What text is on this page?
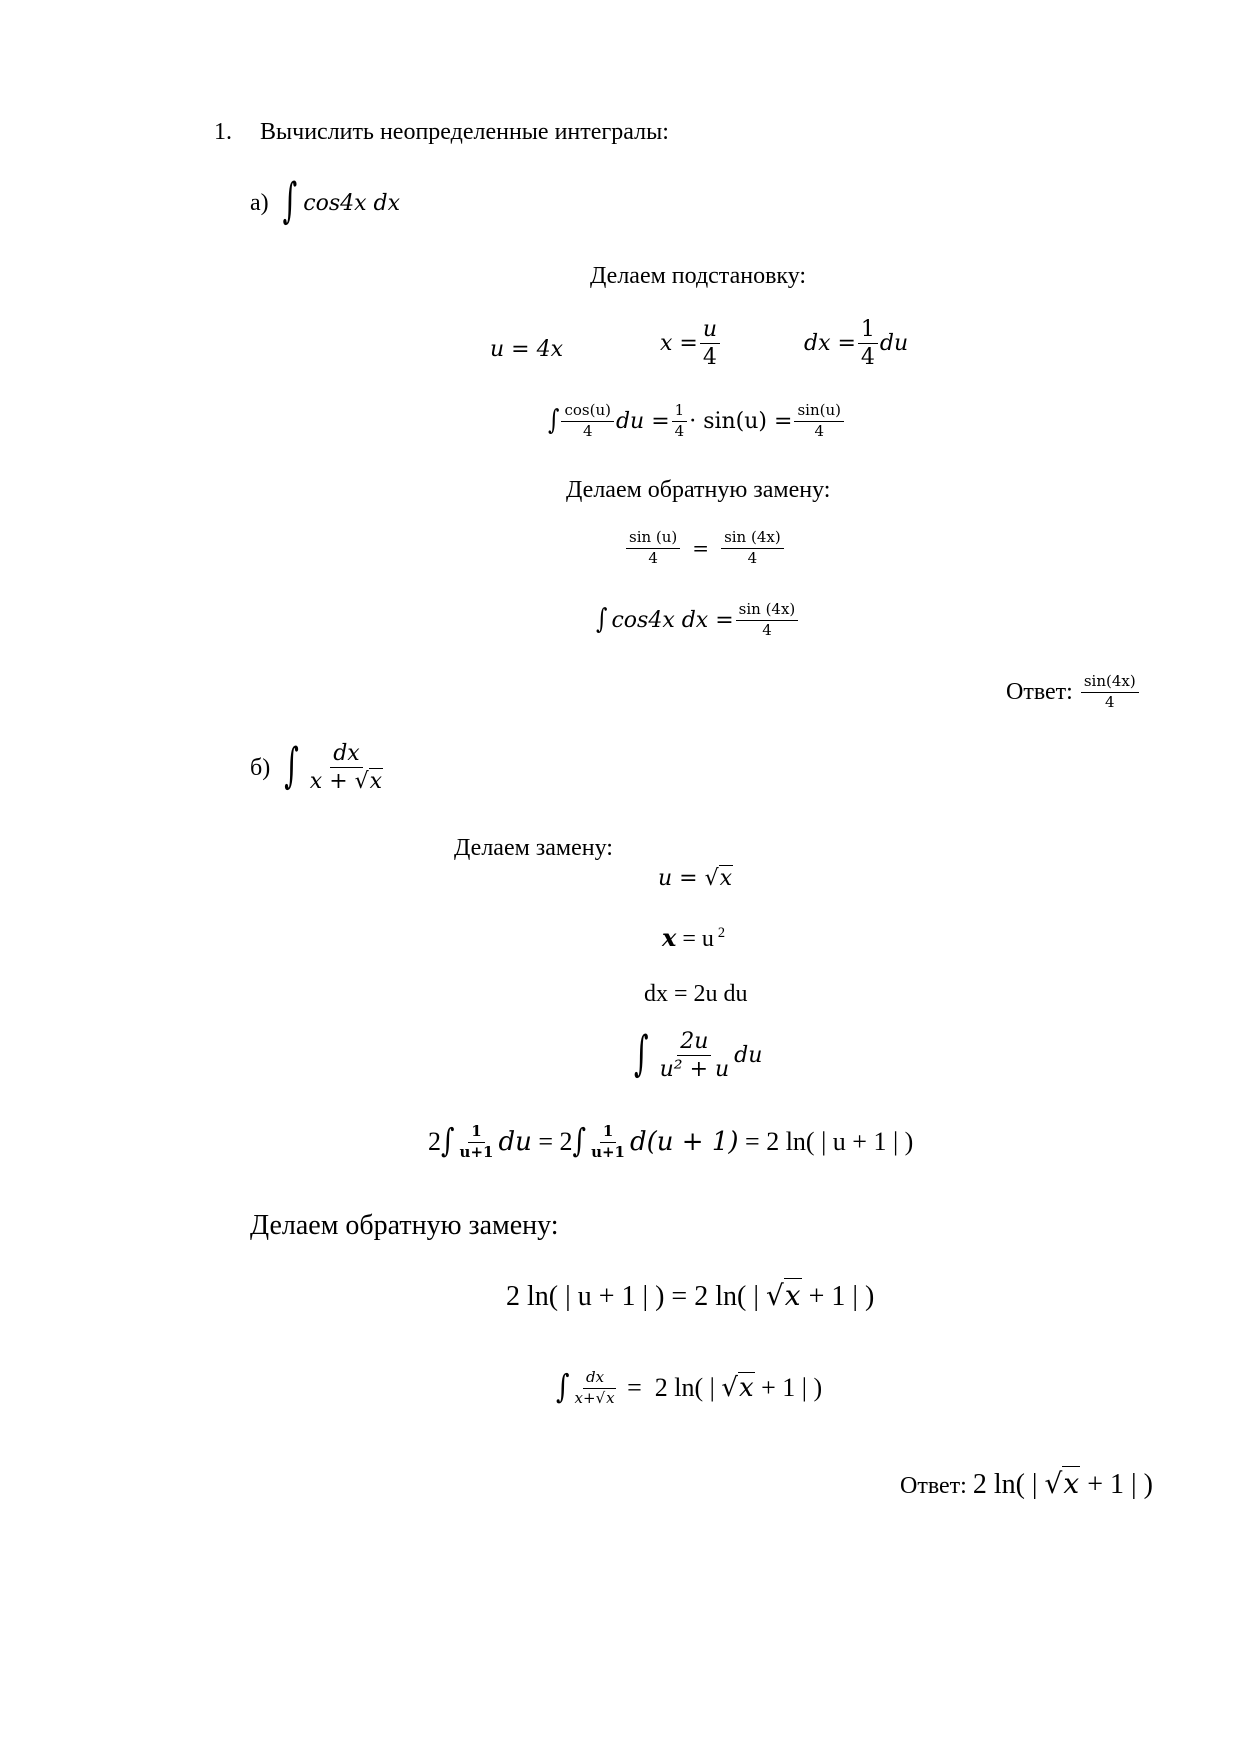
1. Вычислить неопределенные интегралы:
а) ∫ cos4x dx
Делаем подстановку:
u = 4x	$x = \frac{u}{4}$	dx = $\frac{1}{4}$ du
∫ $\frac{\cos(u)}{4}$ du = $\frac{1}{4} \cdot \sin(u) = \frac{\sin(u)}{4}$
Делаем обратную замену:
$\frac{\sin (u)}{4} = \frac{\sin (4x)}{4}$
∫ cos4x dx = $\frac{\sin (4x)}{4}$
Ответ: $\frac{\sin(4x)}{4}$
б) ∫ $\frac{dx}{x + √x}$
Делаем замену:
u = √x
x = u $^2$
dx = 2u du
∫ $\frac{2u}{\text{u² + u}}$ du
2 ∫ $\frac{1}{u+1}$ du = 2 ∫ $\frac{1}{u+1} d(u + 1) = 2$ ln( | u + 1 | )
Делаем обратную замену:
2 ln( | u + 1 | ) = 2 ln( | √x + 1 | )
∫ $\frac{dx}{x+√x} = 2$ ln( | √x + 1 | )

Ответ: 2 ln( | √x + 1 | )
